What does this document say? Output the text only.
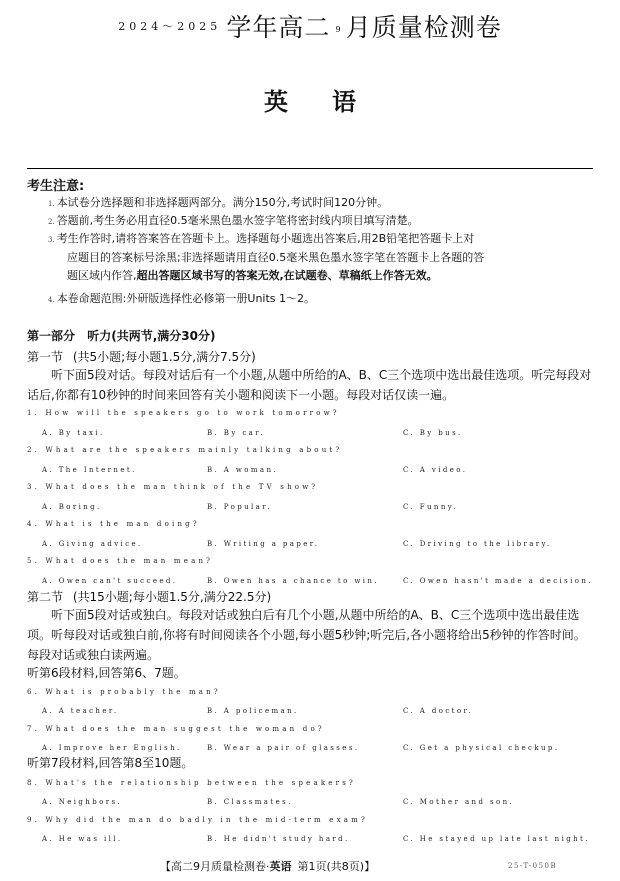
$^{2024\sim 2025}$ 学年高二 $^9$ 月质量检测卷
英语
考生注意:
1. 本试卷分选择题和非选择题两部分。满分150分,考试时间120分钟。
2. 答题前,考生务必用直径0.5毫米黑色墨水签字笔将密封线内项目填写清楚。
3. 考生作答时,请将答案答在答题卡上。选择题每小题选出答案后,用2B铅笔把答题卡上对
应题目的答案标号涂黑;非选择题请用直径0.5毫米黑色墨水签字笔在答题卡上各题的答
题区域内作答,超出答题区域书写的答案无效,在试题卷、草稿纸上作答无效。
4. 本卷命题范围:外研版选择性必修第一册Units 1～2。
第一部分 听力(共两节,满分30分)
第一节 (共5小题;每小题1.5分,满分7.5分)
听下面5段对话。每段对话后有一个小题,从题中所给的A、B、C三个选项中选出最佳选项。听完每段对话后,你都有10秒钟的时间来回答有关小题和阅读下一小题。每段对话仅读一遍。
1. How will the speakers go to work tomorrow?
A. By taxi.	B. By car.	C. By bus.
2. What are the speakers mainly talking about?
A. The Internet.	B. A woman.	C. A video.
3. What does the man think of the TV show?
A. Boring.	B. Popular.	C. Funny.
4. What is the man doing?
A. Giving advice.	B. Writing a paper.	C. Driving to the library.
5. What does the man mean?
A. Owen can't succeed.	B. Owen has a chance to win.	C. Owen hasn't made a decision.
第二节 (共15小题;每小题1.5分,满分22.5分)
听下面5段对话或独白。每段对话或独白后有几个小题,从题中所给的A、B、C三个选项中选出最佳选项。听每段对话或独白前,你将有时间阅读各个小题,每小题5秒钟;听完后,各小题将给出5秒钟的作答时间。每段对话或独白读两遍。
听第6段材料,回答第6、7题。
6. What is probably the man?
A. A teacher.	B. A policeman.	C. A doctor.
7. What does the man suggest the woman do?
A. Improve her English.	B. Wear a pair of glasses.	C. Get a physical checkup.
听第7段材料,回答第8至10题。
8. What's the relationship between the speakers?
A. Neighbors.	B. Classmates.	C. Mother and son.
9. Why did the man do badly in the mid-term exam?
A. He was ill.	B. He didn't study hard.	C. He stayed up late last night.
【高二9月质量检测卷·英语 第1页(共8页)】	25-T-050B
